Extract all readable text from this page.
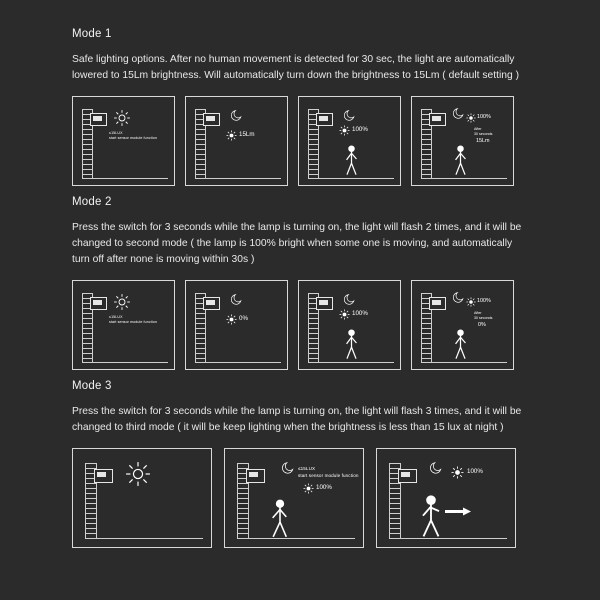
Mode 1
Safe lighting options. After no human movement is detected for 30 sec, the light are automatically lowered to 15Lm brightness. Will automatically turn down the brightness to 15Lm ( default setting )
≤15LUX
start sensor module function	15Lm
100%
100%
After
30 seconds
15Lm
Mode 2
Press the switch for 3 seconds while the lamp is turning on, the light will flash 2 times, and it will be changed to second mode ( the lamp is 100% bright when some one is moving, and automatically turn off after none is moving within 30s )
≤15LUX
start sensor module function	0%
100%
100%
After
30 seconds
0%
Mode 3
Press the switch for 3 seconds while the lamp is turning on, the light will flash 3 times, and it will be changed to third mode ( it will be keep lighting when the brightness is less than 15 lux at night )
≤15LUX
start sensor module function
100%
100%
